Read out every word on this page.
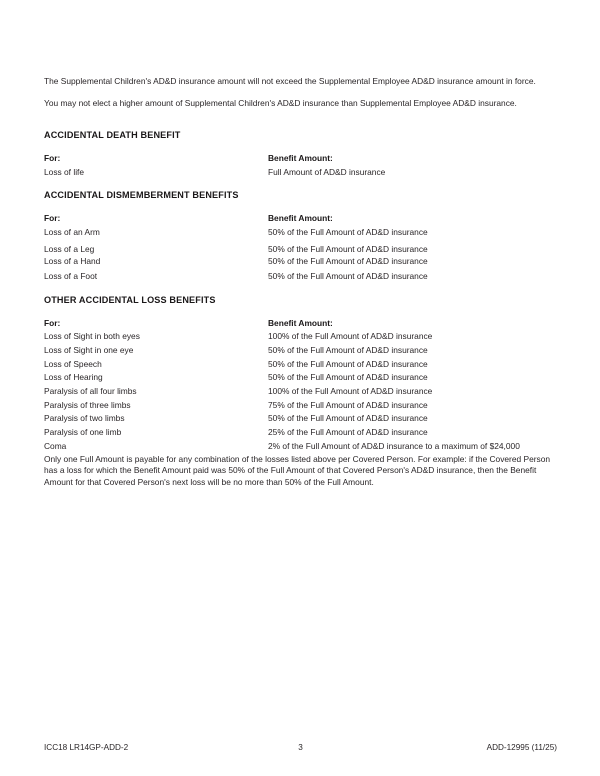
The Supplemental Children's AD&D insurance amount will not exceed the Supplemental Employee AD&D insurance amount in force.

You may not elect a higher amount of Supplemental Children's AD&D insurance than Supplemental Employee AD&D insurance.

ACCIDENTAL DEATH BENEFIT
For:	Benefit Amount:
Loss of life	Full Amount of AD&D insurance
ACCIDENTAL DISMEMBERMENT BENEFITS
For:	Benefit Amount:
Loss of an Arm	50% of the Full Amount of AD&D insurance
Loss of a Leg	50% of the Full Amount of AD&D insurance
Loss of a Hand	50% of the Full Amount of AD&D insurance
Loss of a Foot	50% of the Full Amount of AD&D insurance
OTHER ACCIDENTAL LOSS BENEFITS
For:	Benefit Amount:
Loss of Sight in both eyes	100% of the Full Amount of AD&D insurance
Loss of Sight in one eye	50% of the Full Amount of AD&D insurance
Loss of Speech	50% of the Full Amount of AD&D insurance
Loss of Hearing	50% of the Full Amount of AD&D insurance
Paralysis of all four limbs	100% of the Full Amount of AD&D insurance
Paralysis of three limbs	75% of the Full Amount of AD&D insurance
Paralysis of two limbs	50% of the Full Amount of AD&D insurance
Paralysis of one limb	25% of the Full Amount of AD&D insurance
Coma	2% of the Full Amount of AD&D insurance to a maximum of $24,000

Only one Full Amount is payable for any combination of the losses listed above per Covered Person. For example: if the Covered Person has a loss for which the Benefit Amount paid was 50% of the Full Amount of that Covered Person's AD&D insurance, then the Benefit Amount for that Covered Person's next loss will be no more than 50% of the Full Amount.

ICC18 LR14GP-ADD-2	3	ADD-12995 (11/25)
